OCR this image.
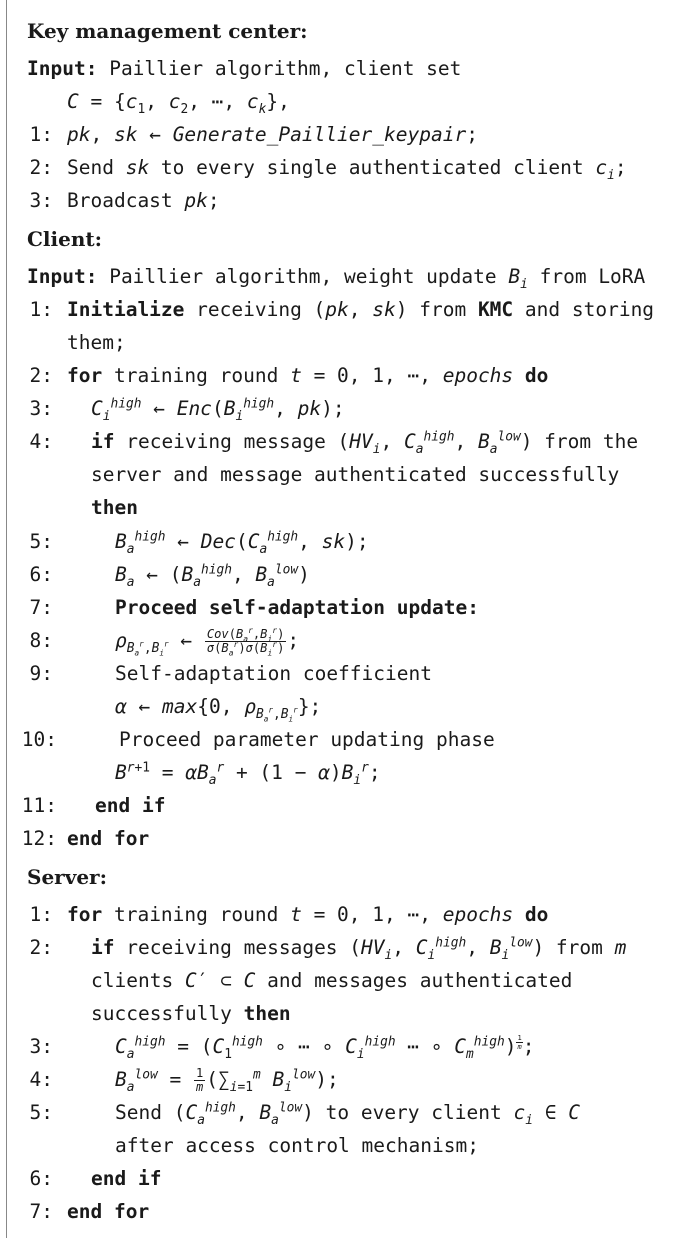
Key management center:
Input: Paillier algorithm, client set
$C = \{c_1$, $c_2$, ⋯, $c_k$},
1: pk, sk ← Generate_Paillier_keypair;
2: Send sk to every single authenticated client $c_i$;
3: Broadcast pk;
Client:
Input: Paillier algorithm, weight update $B_i$ from LoRA
1: Initialize receiving (pk, sk) from KMC and storing
them;
2: for training round t = 0, 1, ⋯, epochs do
3: $C_i^{high}$ ← $Enc(B_i^{high}$, pk);
4: if receiving message ($HV_i$, $C_a^{high}$, $B_a^{low}$) from the
server and message authenticated successfully
then
5:	$B_a^{high}$ ← $Dec(C_a^{high}$, sk);
6:	$B_a$ ← ($B_a^{high}$, $B_a^{low}$)
7:	Proceed self-adaptation update:
8:	$\rho_{B_a^r,B_i^r}$ ← $\frac{Cov(B_a^r,B_i^r)}{\sigma(B_a^r)\sigma(B_i^r)}$ ;
9:	Self-adaptation coefficient
α ← max{0, $\rho_{B_a^r,B_i^r}$};
10:	Proceed parameter updating phase
$B^{r+1} = \alpha B_a^r + (1 - \alpha)B_i^r$;
11: end if
12: end for
Server:
1: for training round t = 0, 1, ⋯, epochs do
2: if receiving messages ($HV_i$, $C_i^{high}$, $B_i^{low}$) from m
clients C′ ⊂ C and messages authenticated
successfully then
3:	$C_a^{high} = (C_1^{high}$ ∘ ⋯ ∘ $C_i^{high}$ ⋯ ∘ $C_m^{high}$) $^{\frac{1}{m}}$ ;
4:	$B_a^{low} = \frac{1}{m} (\sum_{i=1}^m$ $B_i^{low}$);
5:	Send ($C_a^{high}$, $B_a^{low}$) to every client $c_i$ ∈ C
after access control mechanism;
6: end if
7: end for
